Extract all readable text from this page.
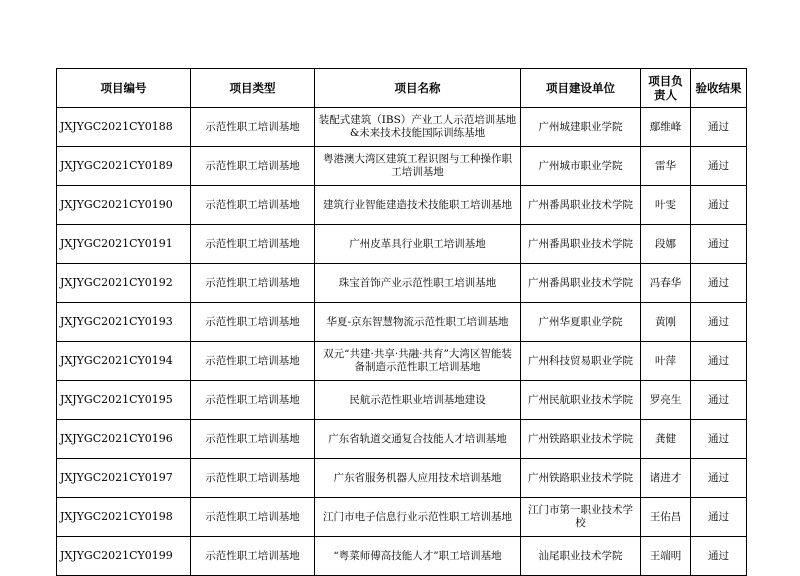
项目编号	项目类型	项目名称	项目建设单位	项目负责人	验收结果
JXJYGC2021CY0188	示范性职工培训基地	装配式建筑（IBS）产业工人示范培训基地&未来技术技能国际训练基地	广州城建职业学院	鄢维峰	通过
JXJYGC2021CY0189	示范性职工培训基地	粤港澳大湾区建筑工程识图与工种操作职工培训基地	广州城市职业学院	雷华	通过
JXJYGC2021CY0190	示范性职工培训基地	建筑行业智能建造技术技能职工培训基地	广州番禺职业技术学院	叶雯	通过
JXJYGC2021CY0191	示范性职工培训基地	广州皮革具行业职工培训基地	广州番禺职业技术学院	段娜	通过
JXJYGC2021CY0192	示范性职工培训基地	珠宝首饰产业示范性职工培训基地	广州番禺职业技术学院	冯春华	通过
JXJYGC2021CY0193	示范性职工培训基地	华夏-京东智慧物流示范性职工培训基地	广州华夏职业学院	黄刚	通过
JXJYGC2021CY0194	示范性职工培训基地	双元“共建·共享·共融·共育”大湾区智能装备制造示范性职工培训基地	广州科技贸易职业学院	叶萍	通过
JXJYGC2021CY0195	示范性职工培训基地	民航示范性职业培训基地建设	广州民航职业技术学院	罗亮生	通过
JXJYGC2021CY0196	示范性职工培训基地	广东省轨道交通复合技能人才培训基地	广州铁路职业技术学院	龚健	通过
JXJYGC2021CY0197	示范性职工培训基地	广东省服务机器人应用技术培训基地	广州铁路职业技术学院	诸进才	通过
JXJYGC2021CY0198	示范性职工培训基地	江门市电子信息行业示范性职工培训基地	江门市第一职业技术学校	王佑昌	通过
JXJYGC2021CY0199	示范性职工培训基地	“粤菜师傅高技能人才”职工培训基地	汕尾职业技术学院	王端明	通过
